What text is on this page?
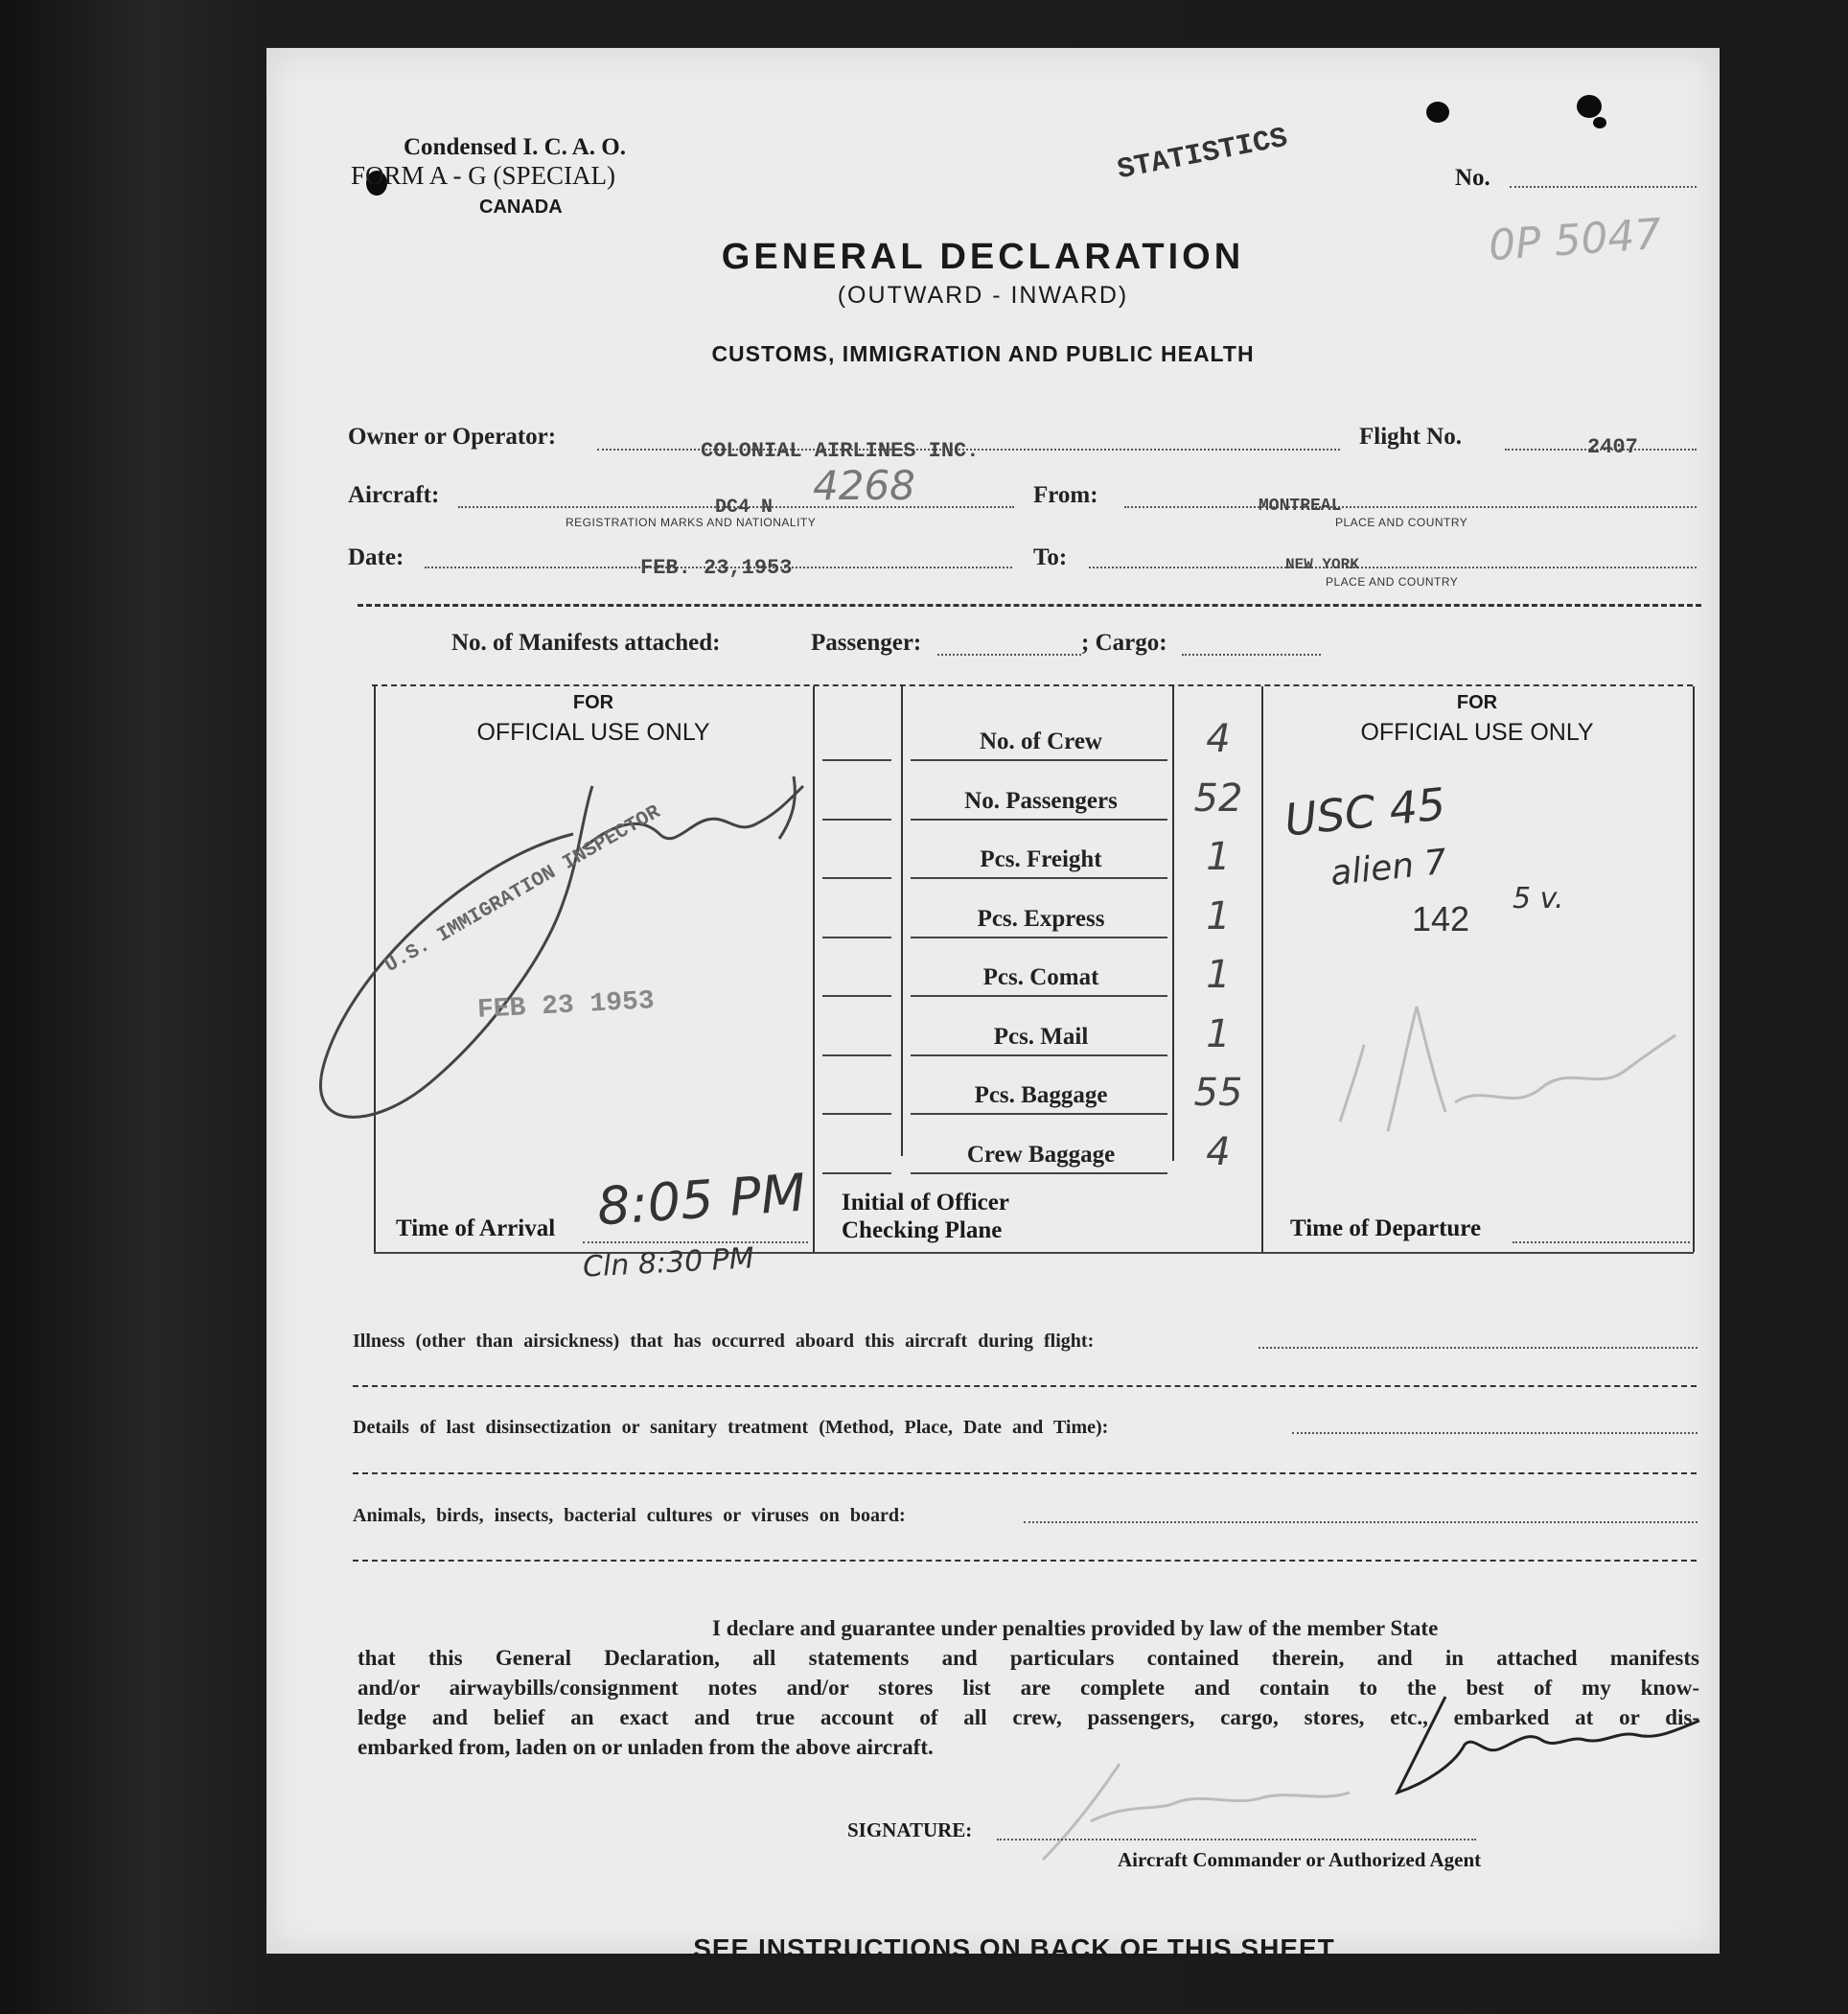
Condensed I. C. A. O.
FORM A - G (SPECIAL)
CANADA
STATISTICS	No.
0P 5047
GENERAL DECLARATION
(OUTWARD - INWARD)
CUSTOMS, IMMIGRATION AND PUBLIC HEALTH
Owner or Operator:
COLONIAL AIRLINES INC.
Flight No.	2407
Aircraft:	DC4 N 4268
REGISTRATION MARKS AND NATIONALITY
From:	MONTREAL
PLACE AND COUNTRY
Date:	FEB. 23,1953	To:	NEW YORK
PLACE AND COUNTRY
No. of Manifests attached:	Passenger:	; Cargo:
FOR
OFFICIAL USE ONLY
U.S. IMMIGRATION INSPECTOR
FEB 23 1953
Time of Arrival 8:05 PM
Cln 8:30 PM
Initial of Officer
Checking Plane
FOR
OFFICIAL USE ONLY
USC 45
alien 7
5 v.
142
Time of Departure
Illness (other than airsickness) that has occurred aboard this aircraft during flight:
Details of last disinsectization or sanitary treatment (Method, Place, Date and Time):
Animals, birds, insects, bacterial cultures or viruses on board:
I declare and guarantee under penalties provided by law of the member State
that this General Declaration, all statements and particulars contained therein, and in attached manifests
and/or airwaybills/consignment notes and/or stores list are complete and contain to the best of my know-
ledge and belief an exact and true account of all crew, passengers, cargo, stores, etc., embarked at or dis-
embarked from, laden on or unladen from the above aircraft.
SIGNATURE:
Aircraft Commander or Authorized Agent
SEE INSTRUCTIONS ON BACK OF THIS SHEET
No. of Crew	4
No. Passengers	52
Pcs. Freight	1
Pcs. Express	1
Pcs. Comat	1
Pcs. Mail	1
Pcs. Baggage	55
Crew Baggage	4
